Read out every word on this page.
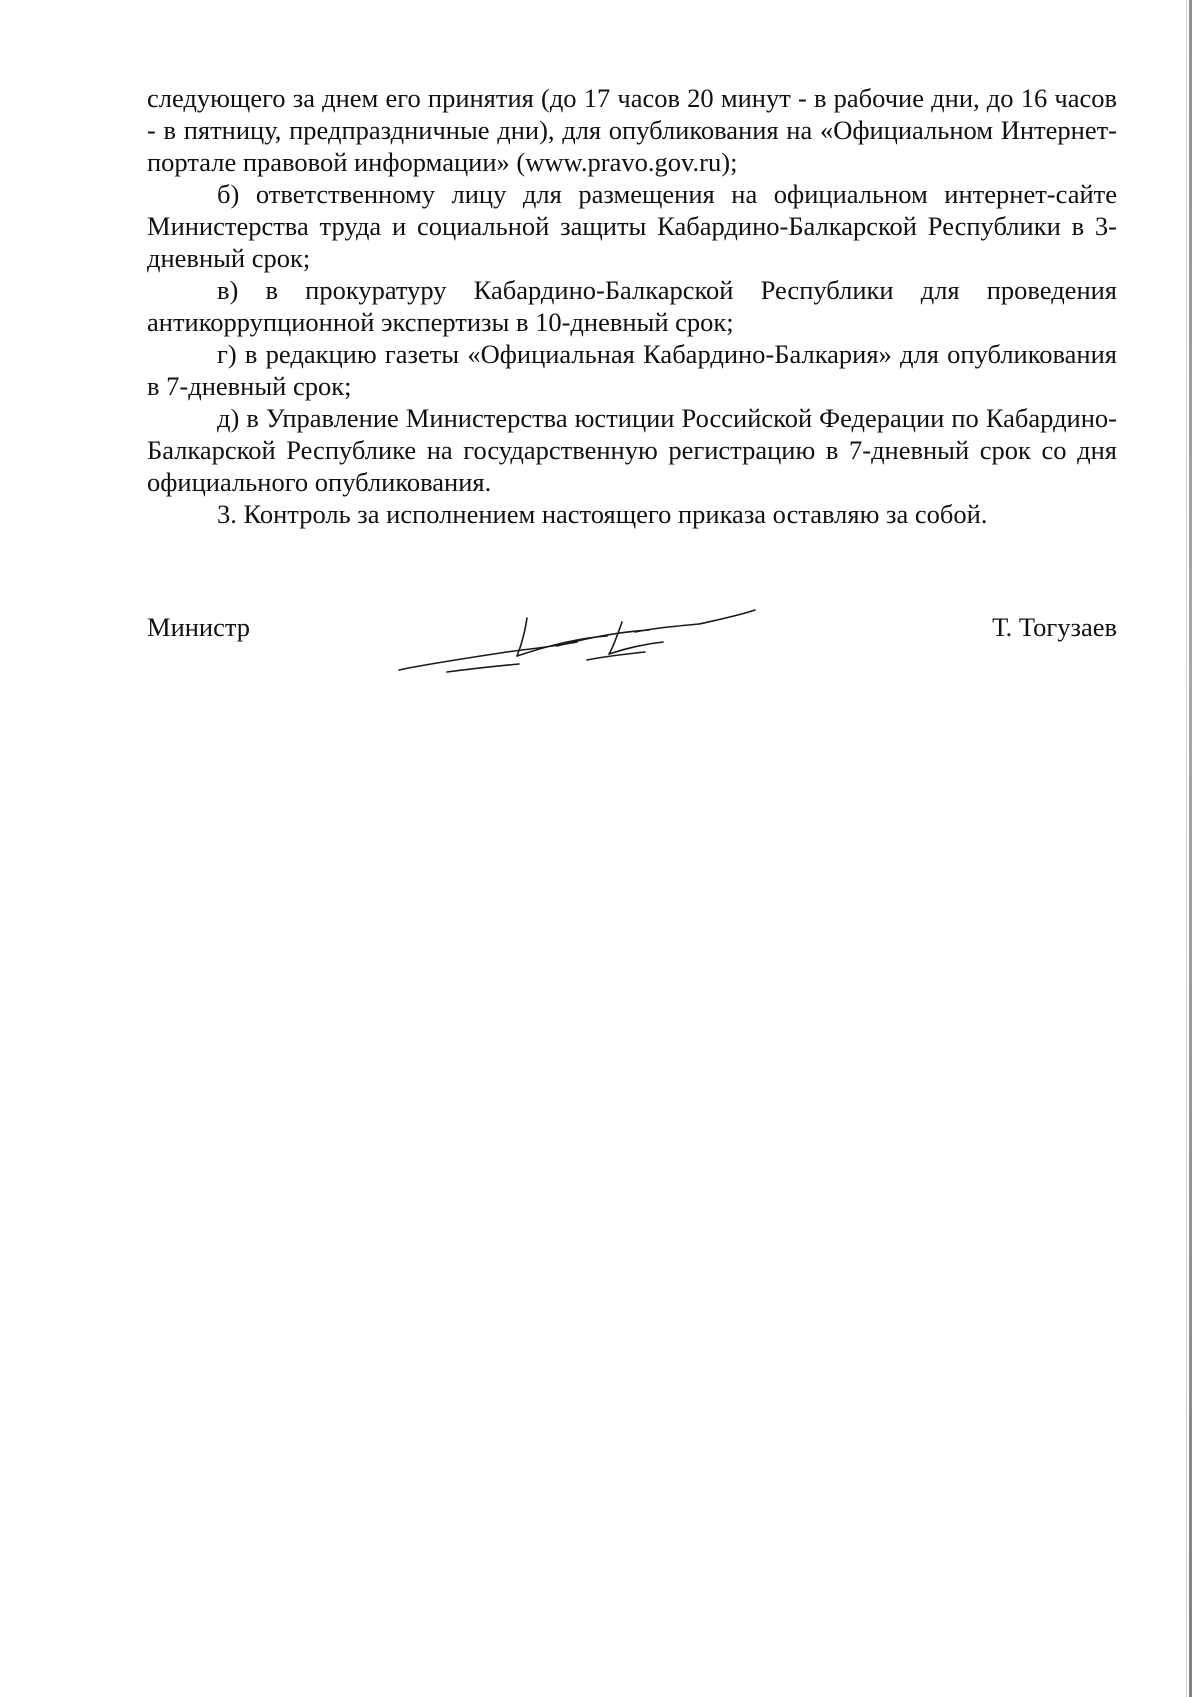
следующего за днем его принятия (до 17 часов 20 минут - в рабочие дни, до 16 часов - в пятницу, предпраздничные дни), для опубликования на «Официальном Интернет-портале правовой информации» (www.pravo.gov.ru);

б) ответственному лицу для размещения на официальном интернет-сайте Министерства труда и социальной защиты Кабардино-Балкарской Республики в 3-дневный срок;

в) в прокуратуру Кабардино-Балкарской Республики для проведения антикоррупционной экспертизы в 10-дневный срок;

г) в редакцию газеты «Официальная Кабардино-Балкария» для опубликования в 7-дневный срок;

д) в Управление Министерства юстиции Российской Федерации по Кабардино-Балкарской Республике на государственную регистрацию в 7-дневный срок со дня официального опубликования.

3. Контроль за исполнением настоящего приказа оставляю за собой.

Министр	Т. Тогузаев
